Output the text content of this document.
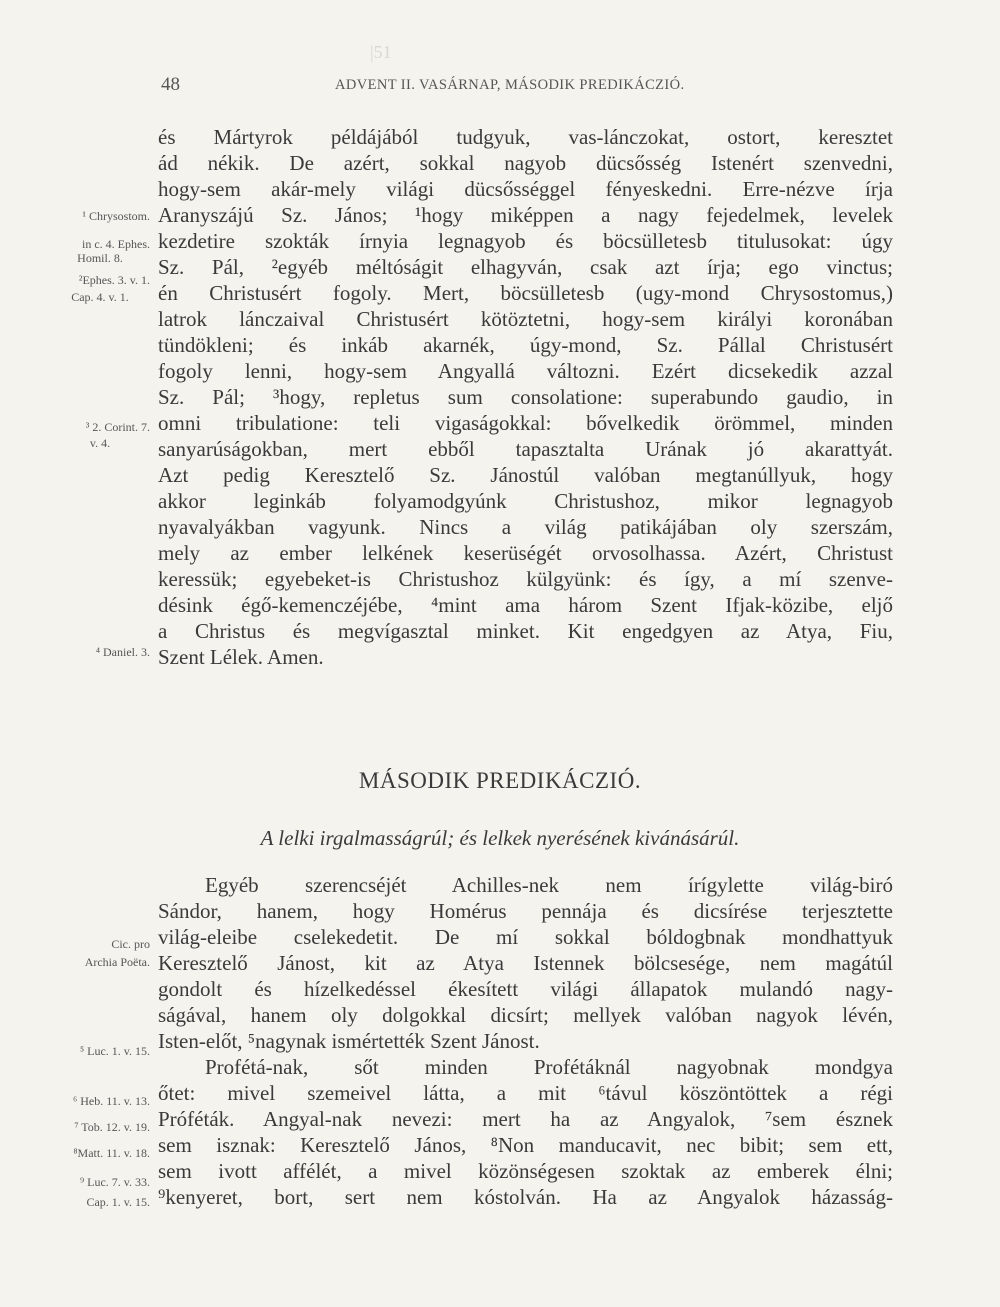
|51
48	ADVENT II. VASÁRNAP, MÁSODIK PREDIKÁCZIÓ.
és Mártyrok példájából tudgyuk, vas-lánczokat, ostort, keresztet
ád nékik. De azért, sokkal nagyob dücsősség Istenért szenvedni,
hogy-sem akár-mely világi dücsősséggel fényeskedni. Erre-nézve írja
Aranyszájú Sz. János; ¹hogy miképpen a nagy fejedelmek, levelek
kezdetire szokták írnyia legnagyob és böcsülletesb titulusokat: úgy
Sz. Pál, ²egyéb méltóságit elhagyván, csak azt írja; ego vinctus;
én Christusért fogoly. Mert, böcsülletesb (ugy-mond Chrysostomus,)
latrok lánczaival Christusért kötöztetni, hogy-sem királyi koronában
tündökleni; és inkáb akarnék, úgy-mond, Sz. Pállal Christusért
fogoly lenni, hogy-sem Angyallá változni. Ezért dicsekedik azzal
Sz. Pál; ³hogy, repletus sum consolatione: superabundo gaudio, in
omni tribulatione: teli vigaságokkal: bővelkedik örömmel, minden
sanyarúságokban, mert ebből tapasztalta Urának jó akarattyát.
Azt pedig Keresztelő Sz. Jánostúl valóban megtanúllyuk, hogy
akkor leginkáb folyamodgyúnk Christushoz, mikor legnagyob
nyavalyákban vagyunk. Nincs a világ patikájában oly szerszám,
mely az ember lelkének keserüségét orvosolhassa. Azért, Christust
keressük; egyebeket-is Christushoz külgyünk: és így, a mí szenve-
désink égő-kemenczéjébe, ⁴mint ama három Szent Ifjak-közibe, eljő
a Christus és megvígasztal minket. Kit engedgyen az Atya, Fiu,
Szent Lélek. Amen.
MÁSODIK PREDIKÁCZIÓ.
A lelki irgalmasságrúl; és lelkek nyerésének kivánásárúl.
Egyéb szerencséjét Achilles-nek nem írígylette világ-biró
Sándor, hanem, hogy Homérus pennája és dicsírése terjesztette
világ-eleibe cselekedetit. De mí sokkal bóldogbnak mondhattyuk
Keresztelő Jánost, kit az Atya Istennek bölcsesége, nem magátúl
gondolt és hízelkedéssel ékesített világi állapatok mulandó nagy-
ságával, hanem oly dolgokkal dicsírt; mellyek valóban nagyok lévén,
Isten-előt, ⁵nagynak ismértették Szent Jánost.
Profétá-nak, sőt minden Profétáknál nagyobnak mondgya
őtet: mivel szemeivel látta, a mit ⁶távul köszöntöttek a régi
Próféták. Angyal-nak nevezi: mert ha az Angyalok, ⁷sem észnek
sem isznak: Keresztelő János, ⁸Non manducavit, nec bibit; sem ett,
sem ivott affélét, a mivel közönségesen szoktak az emberek élni;
⁹kenyeret, bort, sert nem kóstolván. Ha az Angyalok házasság-
¹ Chrysostom.
in c. 4. Ephes.
Homil. 8.
²Ephes. 3. v. 1.
Cap. 4. v. 1.
³ 2. Corint. 7.
v. 4.
⁴ Daniel. 3.
Cic. pro
Archia Poëta.
⁵ Luc. 1. v. 15.
⁶ Heb. 11. v. 13.
⁷ Tob. 12. v. 19.
⁸Matt. 11. v. 18.
⁹ Luc. 7. v. 33.
Cap. 1. v. 15.
